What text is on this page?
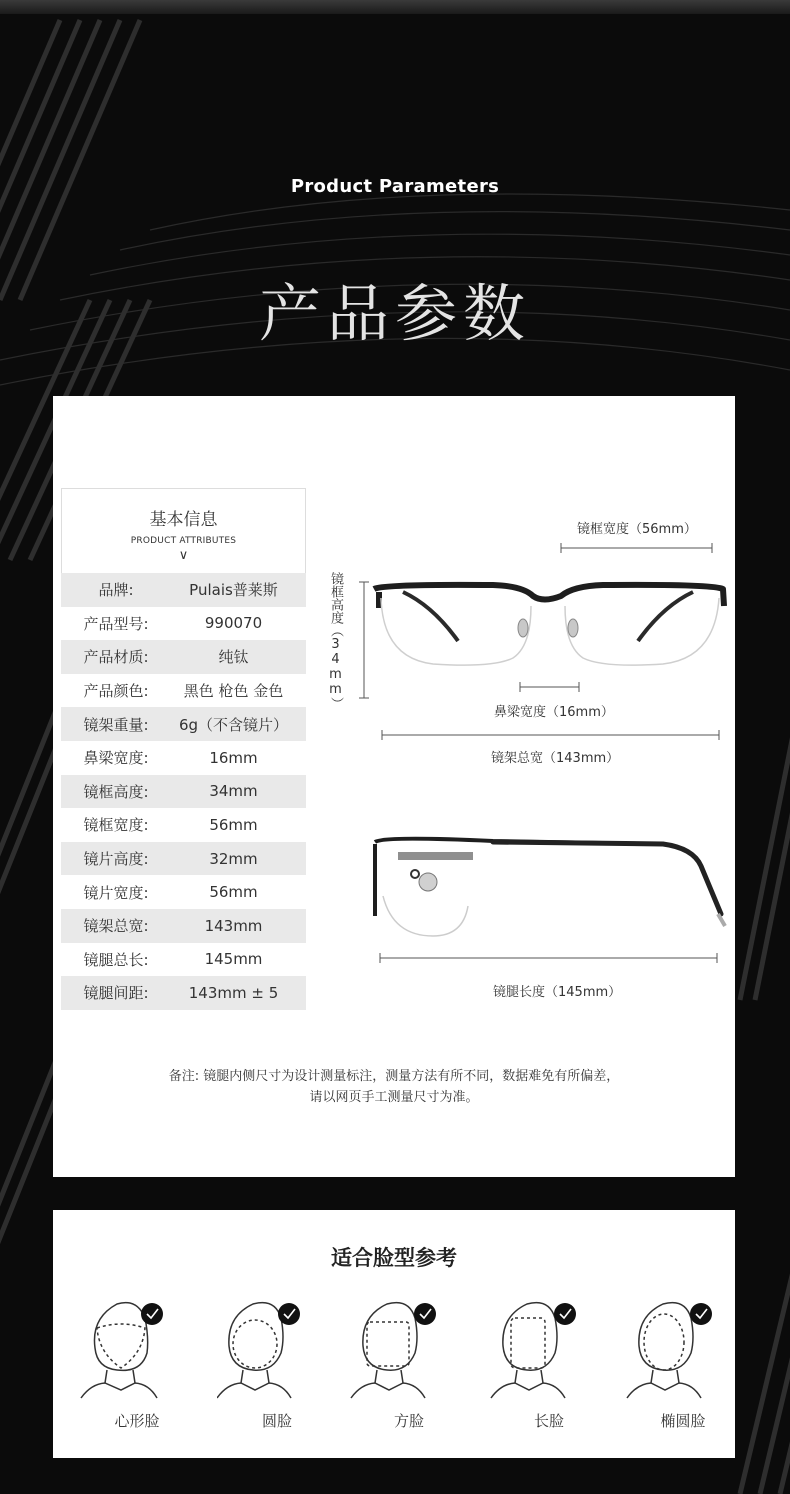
Product Parameters
产品参数
基本信息
PRODUCT ATTRIBUTES
∨
品牌:	Pulais普莱斯
产品型号:	990070
产品材质:	纯钛
产品颜色:	黑色 枪色 金色
镜架重量:	6g（不含镜片）
鼻梁宽度:	16mm
镜框高度:	34mm
镜框宽度:	56mm
镜片高度:	32mm
镜片宽度:	56mm
镜架总宽:	143mm
镜腿总长:	145mm
镜腿间距:	143mm ± 5
镜框宽度（56mm）
镜框高度（34mm）
鼻梁宽度（16mm）
镜架总宽（143mm）
镜腿长度（145mm）
备注: 镜腿内侧尺寸为设计测量标注，测量方法有所不同，数据难免有所偏差，
请以网页手工测量尺寸为准。
适合脸型参考
心形脸	圆脸	方脸	长脸	椭圆脸
